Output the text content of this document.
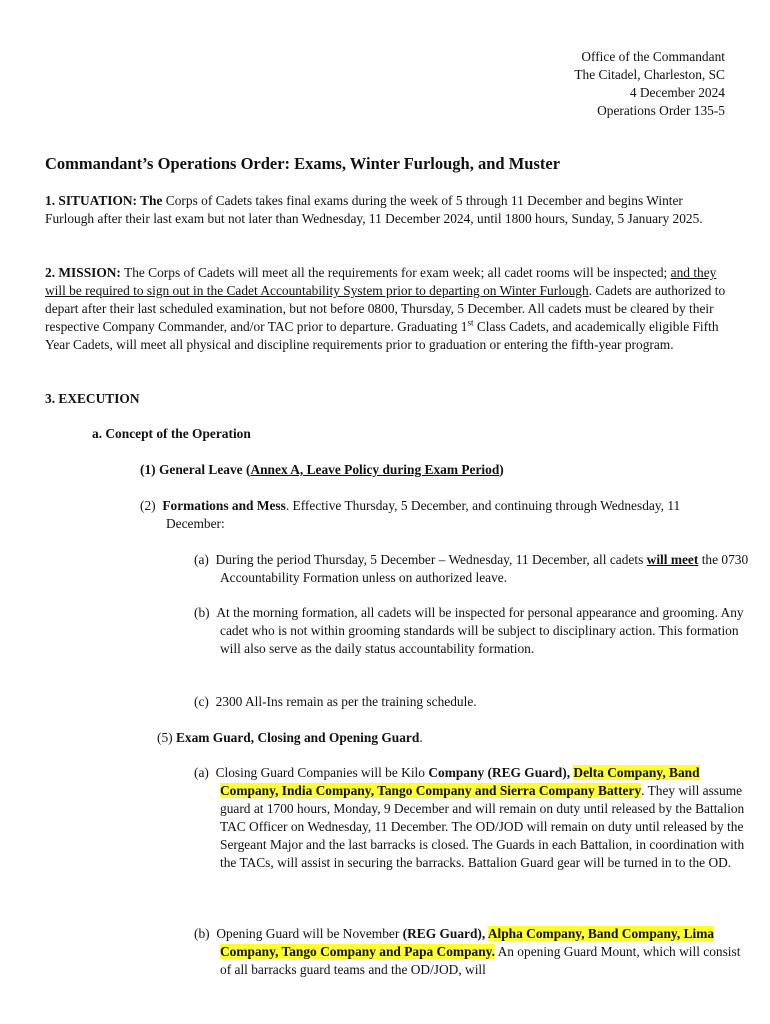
Office of the Commandant
The Citadel, Charleston, SC
4 December 2024
Operations Order 135-5
Commandant’s Operations Order: Exams, Winter Furlough, and Muster
1. SITUATION: The Corps of Cadets takes final exams during the week of 5 through 11 December and begins Winter Furlough after their last exam but not later than Wednesday, 11 December 2024, until 1800 hours, Sunday, 5 January 2025.
2. MISSION: The Corps of Cadets will meet all the requirements for exam week; all cadet rooms will be inspected; and they will be required to sign out in the Cadet Accountability System prior to departing on Winter Furlough. Cadets are authorized to depart after their last scheduled examination, but not before 0800, Thursday, 5 December. All cadets must be cleared by their respective Company Commander, and/or TAC prior to departure. Graduating 1st Class Cadets, and academically eligible Fifth Year Cadets, will meet all physical and discipline requirements prior to graduation or entering the fifth-year program.
3. EXECUTION
a. Concept of the Operation
(1) General Leave (Annex A, Leave Policy during Exam Period)
(2) Formations and Mess. Effective Thursday, 5 December, and continuing through Wednesday, 11 December:
(a) During the period Thursday, 5 December – Wednesday, 11 December, all cadets will meet the 0730 Accountability Formation unless on authorized leave.
(b) At the morning formation, all cadets will be inspected for personal appearance and grooming. Any cadet who is not within grooming standards will be subject to disciplinary action. This formation will also serve as the daily status accountability formation.
(c) 2300 All-Ins remain as per the training schedule.
(5) Exam Guard, Closing and Opening Guard.
(a) Closing Guard Companies will be Kilo Company (REG Guard), Delta Company, Band Company, India Company, Tango Company and Sierra Company Battery. They will assume guard at 1700 hours, Monday, 9 December and will remain on duty until released by the Battalion TAC Officer on Wednesday, 11 December. The OD/JOD will remain on duty until released by the Sergeant Major and the last barracks is closed. The Guards in each Battalion, in coordination with the TACs, will assist in securing the barracks. Battalion Guard gear will be turned in to the OD.
(b) Opening Guard will be November (REG Guard), Alpha Company, Band Company, Lima Company, Tango Company and Papa Company. An opening Guard Mount, which will consist of all barracks guard teams and the OD/JOD, will
